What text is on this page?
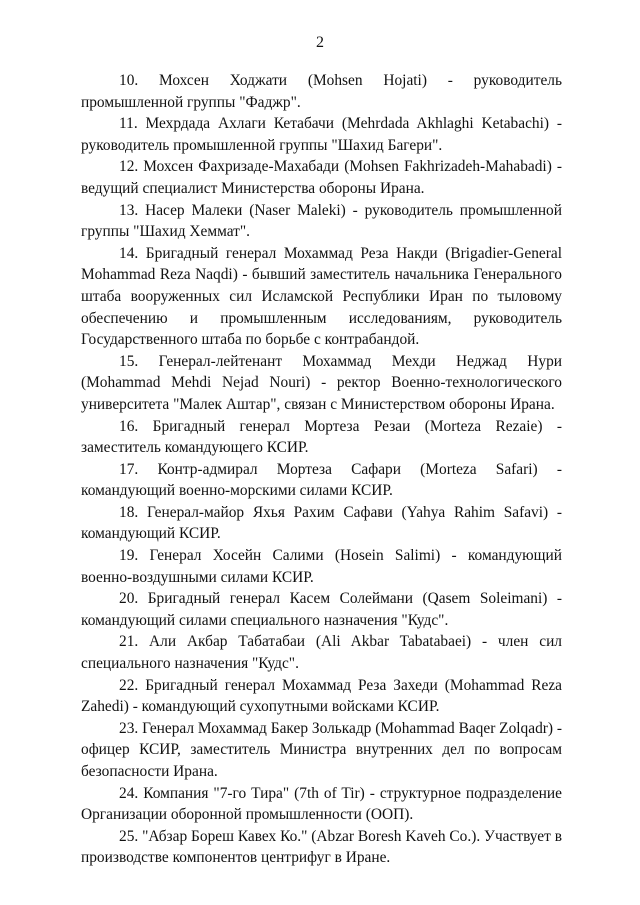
2

10. Мохсен Ходжати (Mohsen Hojati) - руководитель промышленной группы "Фаджр".

11. Мехрдада Ахлаги Кетабачи (Mehrdada Akhlaghi Ketabachi) - руководитель промышленной группы "Шахид Багери".

12. Мохсен Фахризаде-Махабади (Mohsen Fakhrizadeh-Mahabadi) - ведущий специалист Министерства обороны Ирана.

13. Насер Малеки (Naser Maleki) - руководитель промышленной группы "Шахид Хеммат".

14. Бригадный генерал Мохаммад Реза Накди (Brigadier-General Mohammad Reza Naqdi) - бывший заместитель начальника Генерального штаба вооруженных сил Исламской Республики Иран по тыловому обеспечению и промышленным исследованиям, руководитель Государственного штаба по борьбе с контрабандой.

15. Генерал-лейтенант Мохаммад Мехди Неджад Нури (Mohammad Mehdi Nejad Nouri) - ректор Военно-технологического университета "Малек Аштар", связан с Министерством обороны Ирана.

16. Бригадный генерал Мортеза Резаи (Morteza Rezaie) - заместитель командующего КСИР.

17. Контр-адмирал Мортеза Сафари (Morteza Safari) - командующий военно-морскими силами КСИР.

18. Генерал-майор Яхья Рахим Сафави (Yahya Rahim Safavi) - командующий КСИР.

19. Генерал Хосейн Салими (Hosein Salimi) - командующий военно-воздушными силами КСИР.

20. Бригадный генерал Касем Солеймани (Qasem Soleimani) - командующий силами специального назначения "Кудс".

21. Али Акбар Табатабаи (Ali Akbar Tabatabaei) - член сил специального назначения "Кудс".

22. Бригадный генерал Мохаммад Реза Захеди (Mohammad Reza Zahedi) - командующий сухопутными войсками КСИР.

23. Генерал Мохаммад Бакер Золькадр (Mohammad Baqer Zolqadr) - офицер КСИР, заместитель Министра внутренних дел по вопросам безопасности Ирана.

24. Компания "7-го Тира" (7th of Tir) - структурное подразделение Организации оборонной промышленности (ООП).

25. "Абзар Бореш Кавех Ко." (Abzar Boresh Kaveh Co.). Участвует в производстве компонентов центрифуг в Иране.
